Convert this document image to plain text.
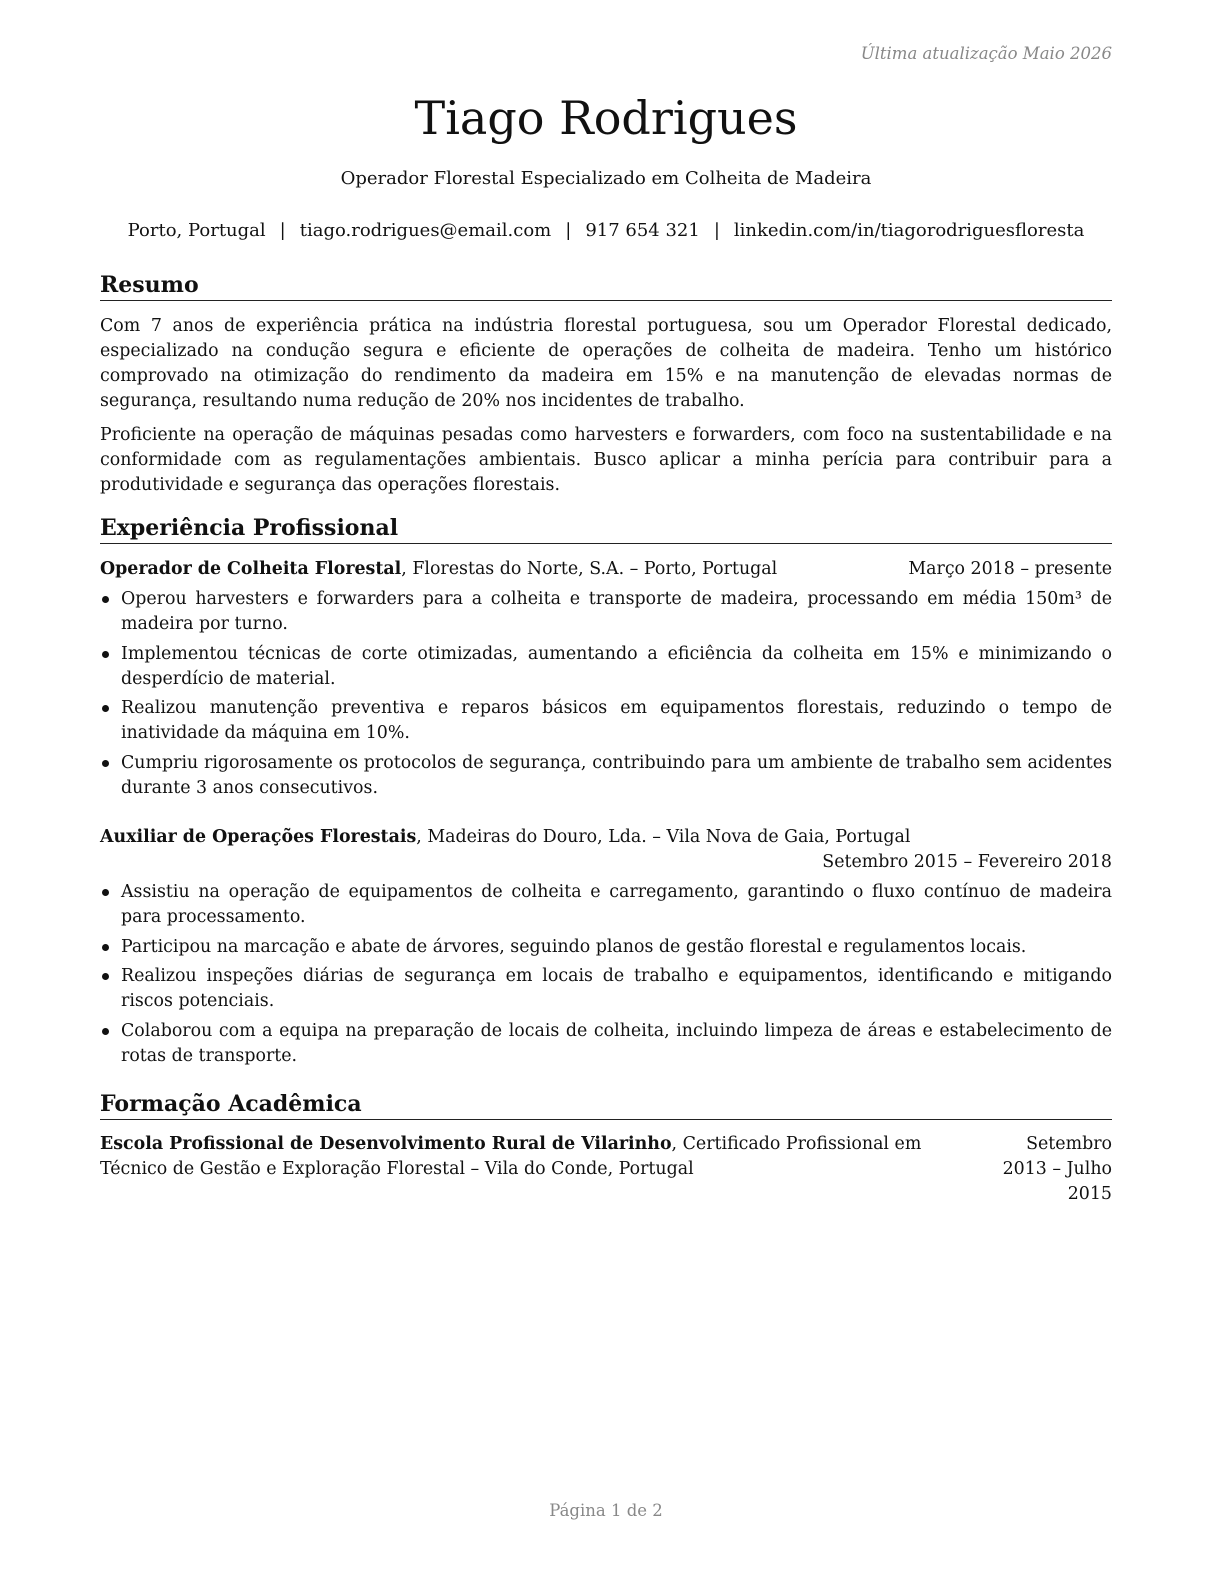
Última atualização Maio 2026
Tiago Rodrigues
Operador Florestal Especializado em Colheita de Madeira
Porto, Portugal | tiago.rodrigues@email.com | 917 654 321 | linkedin.com/in/tiagorodriguesfloresta
Resumo
Com 7 anos de experiência prática na indústria florestal portuguesa, sou um Operador Florestal dedicado, especializado na condução segura e eficiente de operações de colheita de madeira. Tenho um histórico comprovado na otimização do rendimento da madeira em 15% e na manutenção de elevadas normas de segurança, resultando numa redução de 20% nos incidentes de trabalho.
Proficiente na operação de máquinas pesadas como harvesters e forwarders, com foco na sustentabilidade e na conformidade com as regulamentações ambientais. Busco aplicar a minha perícia para contribuir para a produtividade e segurança das operações florestais.
Experiência Profissional
Operador de Colheita Florestal, Florestas do Norte, S.A. – Porto, Portugal	Março 2018 – presente
Operou harvesters e forwarders para a colheita e transporte de madeira, processando em média 150m³ de madeira por turno.
Implementou técnicas de corte otimizadas, aumentando a eficiência da colheita em 15% e minimizando o desperdício de material.
Realizou manutenção preventiva e reparos básicos em equipamentos florestais, reduzindo o tempo de inatividade da máquina em 10%.
Cumpriu rigorosamente os protocolos de segurança, contribuindo para um ambiente de trabalho sem acidentes durante 3 anos consecutivos.
Auxiliar de Operações Florestais, Madeiras do Douro, Lda. – Vila Nova de Gaia, Portugal
Setembro 2015 – Fevereiro 2018
Assistiu na operação de equipamentos de colheita e carregamento, garantindo o fluxo contínuo de madeira para processamento.
Participou na marcação e abate de árvores, seguindo planos de gestão florestal e regulamentos locais.
Realizou inspeções diárias de segurança em locais de trabalho e equipamentos, identificando e mitigando riscos potenciais.
Colaborou com a equipa na preparação de locais de colheita, incluindo limpeza de áreas e estabelecimento de rotas de transporte.
Formação Acadêmica
Escola Profissional de Desenvolvimento Rural de Vilarinho, Certificado Profissional em Técnico de Gestão e Exploração Florestal – Vila do Conde, Portugal
Setembro 2013 – Julho 2015
Página 1 de 2
